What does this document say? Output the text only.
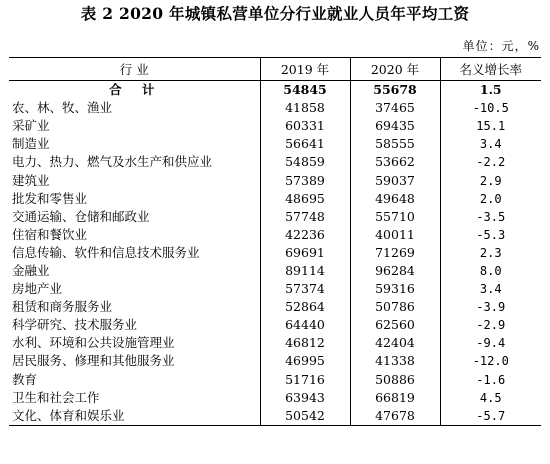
表 2 2020 年城镇私营单位分行业就业人员年平均工资
单位：元，%
行 业	2019 年	2020 年	名义增长率
合 计	54845	55678	1.5
农、林、牧、渔业	41858	37465	-10.5
采矿业	60331	69435	15.1
制造业	56641	58555	3.4
电力、热力、燃气及水生产和供应业	54859	53662	-2.2
建筑业	57389	59037	2.9
批发和零售业	48695	49648	2.0
交通运输、仓储和邮政业	57748	55710	-3.5
住宿和餐饮业	42236	40011	-5.3
信息传输、软件和信息技术服务业	69691	71269	2.3
金融业	89114	96284	8.0
房地产业	57374	59316	3.4
租赁和商务服务业	52864	50786	-3.9
科学研究、技术服务业	64440	62560	-2.9
水利、环境和公共设施管理业	46812	42404	-9.4
居民服务、修理和其他服务业	46995	41338	-12.0
教育	51716	50886	-1.6
卫生和社会工作	63943	66819	4.5
文化、体育和娱乐业	50542	47678	-5.7
